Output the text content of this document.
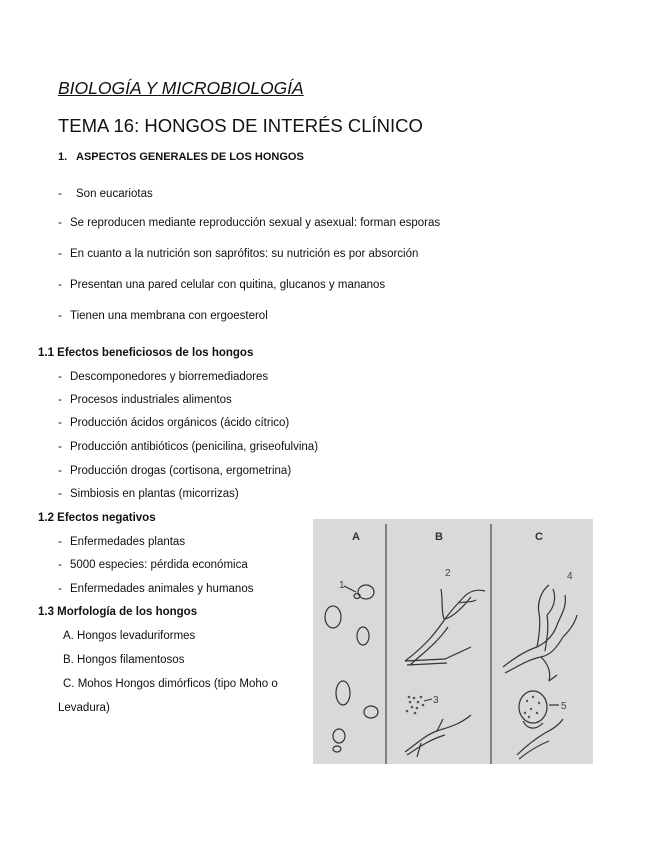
BIOLOGÍA Y MICROBIOLOGÍA
TEMA 16: HONGOS DE INTERÉS CLÍNICO
1. ASPECTOS GENERALES DE LOS HONGOS
- Son eucariotas
- Se reproducen mediante reproducción sexual y asexual: forman esporas
- En cuanto a la nutrición son saprófitos: su nutrición es por absorción
- Presentan una pared celular con quitina, glucanos y mananos
- Tienen una membrana con ergoesterol
1.1 Efectos beneficiosos de los hongos
- Descomponedores y biorremediadores
- Procesos industriales alimentos
- Producción ácidos orgánicos (ácido cítrico)
- Producción antibióticos (penicilina, griseofulvina)
- Producción drogas (cortisona, ergometrina)
- Simbiosis en plantas (micorrizas)
1.2 Efectos negativos
- Enfermedades plantas
- 5000 especies: pérdida económica
- Enfermedades animales y humanos
1.3 Morfología de los hongos
A. Hongos levaduriformes
B. Hongos filamentosos
C. Mohos Hongos dimórficos (tipo Moho o
Levadura)
A	B	C
1
2
3
4
5
